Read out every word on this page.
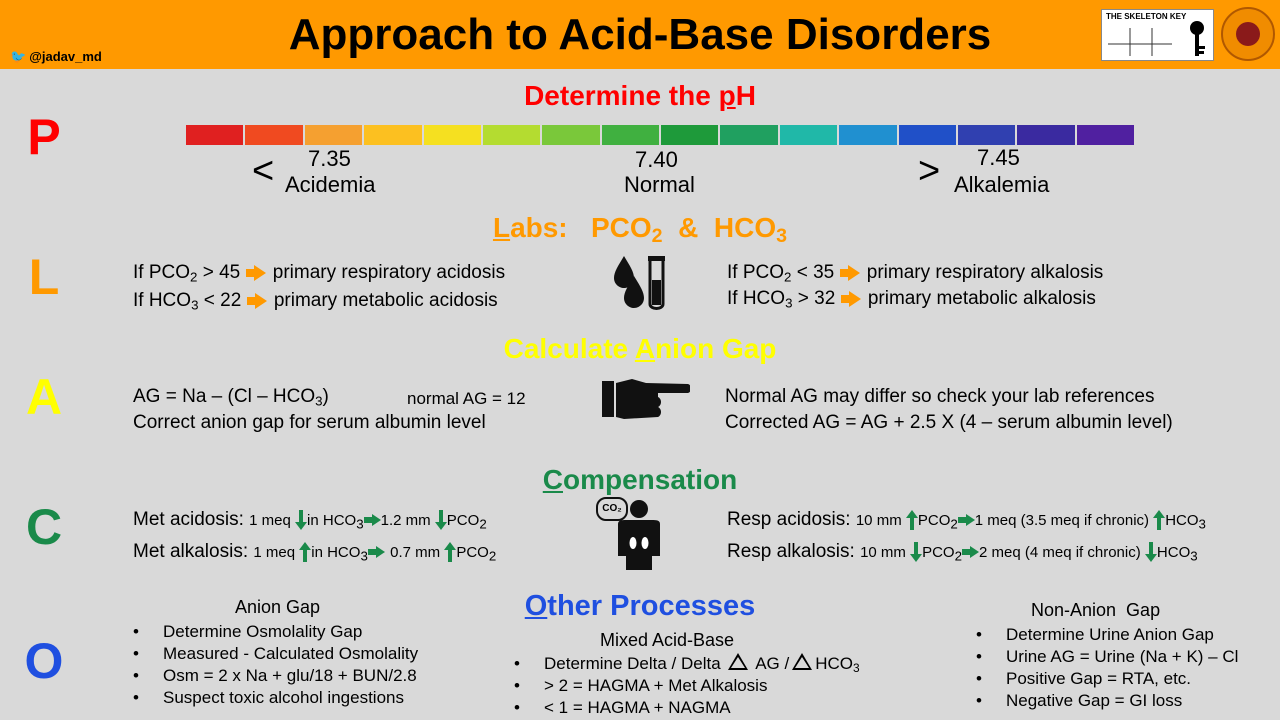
Approach to Acid-Base Disorders
🐦 @jadav_md
THE SKELETON KEY
P
Determine the pH
< 7.35
Acidemia
7.40
Normal	> 7.45
Alkalemia
L
Labs:   $PCO_2$  &  $HCO_3$
If $PCO_2 > 45$ primary respiratory acidosis
If $HCO_3 < 22$ primary metabolic acidosis
If $PCO_2 < 35$ primary respiratory alkalosis
If $HCO_3 > 32$ primary metabolic alkalosis
A
Calculate Anion Gap
AG = Na – $(Cl - HCO_3)$	normal AG = 12
Correct anion gap for serum albumin level
Normal AG may differ so check your lab references
Corrected AG = AG + 2.5 X (4 – serum albumin level)
C
Compensation
Met acidosis: 1 meq in $HCO_3$ 1.2 mm $PCO_2$
Met alkalosis: 1 meq in $HCO_3$ 0.7 mm $PCO_2$
CO₂
Resp acidosis: 10 mm $PCO_2$ 1 meq (3.5 meq if chronic) $HCO_3$
Resp alkalosis: 10 mm $PCO_2$ 2 meq (4 meq if chronic) $HCO_3$
O
Other Processes
Anion Gap
• Determine Osmolality Gap
• Measured - Calculated Osmolality
• Osm = 2 x Na + glu/18 + BUN/2.8
• Suspect toxic alcohol ingestions
Mixed Acid-Base
• Determine Delta / Delta AG / $HCO_3$
• > 2 = HAGMA + Met Alkalosis
• < 1 = HAGMA + NAGMA
Non-Anion  Gap
• Determine Urine Anion Gap
• Urine AG = Urine (Na + K) – Cl
• Positive Gap = RTA, etc.
• Negative Gap = GI loss
